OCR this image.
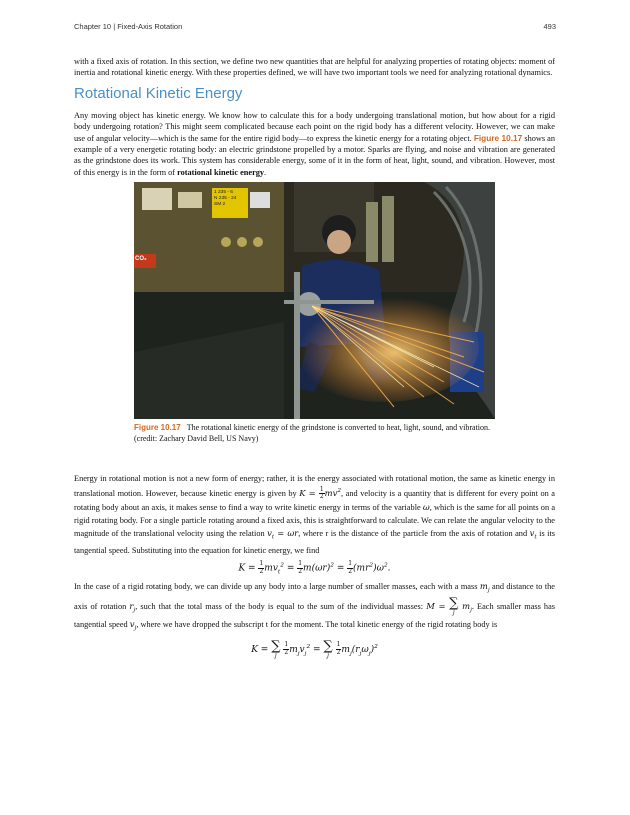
Chapter 10 | Fixed-Axis Rotation	493

with a fixed axis of rotation. In this section, we define two new quantities that are helpful for analyzing properties of rotating objects: moment of inertia and rotational kinetic energy. With these properties defined, we will have two important tools we need for analyzing rotational dynamics.

Rotational Kinetic Energy

Any moving object has kinetic energy. We know how to calculate this for a body undergoing translational motion, but how about for a rigid body undergoing rotation? This might seem complicated because each point on the rigid body has a different velocity. However, we can make use of angular velocity—which is the same for the entire rigid body—to express the kinetic energy for a rotating object. Figure 10.17 shows an example of a very energetic rotating body: an electric grindstone propelled by a motor. Sparks are flying, and noise and vibration are generated as the grindstone does its work. This system has considerable energy, some of it in the form of heat, light, sound, and vibration. However, most of this energy is in the form of rotational kinetic energy.

CO₂
1 235 - 6
N 235 - 24
SM 2
Figure 10.17 The rotational kinetic energy of the grindstone is converted to heat, light, sound, and vibration. (credit: Zachary David Bell, US Navy)

Energy in rotational motion is not a new form of energy; rather, it is the energy associated with rotational motion, the same as kinetic energy in translational motion. However, because kinetic energy is given by $K = \frac{1}{2} mv^2$, and velocity is a quantity that is different for every point on a rotating body about an axis, it makes sense to find a way to write kinetic energy in terms of the variable ω, which is the same for all points on a rigid rotating body. For a single particle rotating around a fixed axis, this is straightforward to calculate. We can relate the angular velocity to the magnitude of the translational velocity using the relation $v_t = \omega r$, where r is the distance of the particle from the axis of rotation and $v_t$ is its tangential speed. Substituting into the equation for kinetic energy, we find

$K = \frac{1}{2} mv_t^2 = \frac{1}{2} m(\omega r)^2 = \frac{1}{2} (mr^2)\omega^2$.

In the case of a rigid rotating body, we can divide up any body into a large number of smaller masses, each with a mass $m_j$ and distance to the axis of rotation $r_j$, such that the total mass of the body is equal to the sum of the individual masses: M = ∑
j
$m_j$. Each smaller mass has tangential speed $v_j$, where we have dropped the subscript t for the moment. The total kinetic energy of the rigid rotating body is

K = ∑
j
$\frac{1}{2} m_jv_j^2$ = ∑
j
$\frac{1}{2} m_j(r_j\omega_j)^2$
